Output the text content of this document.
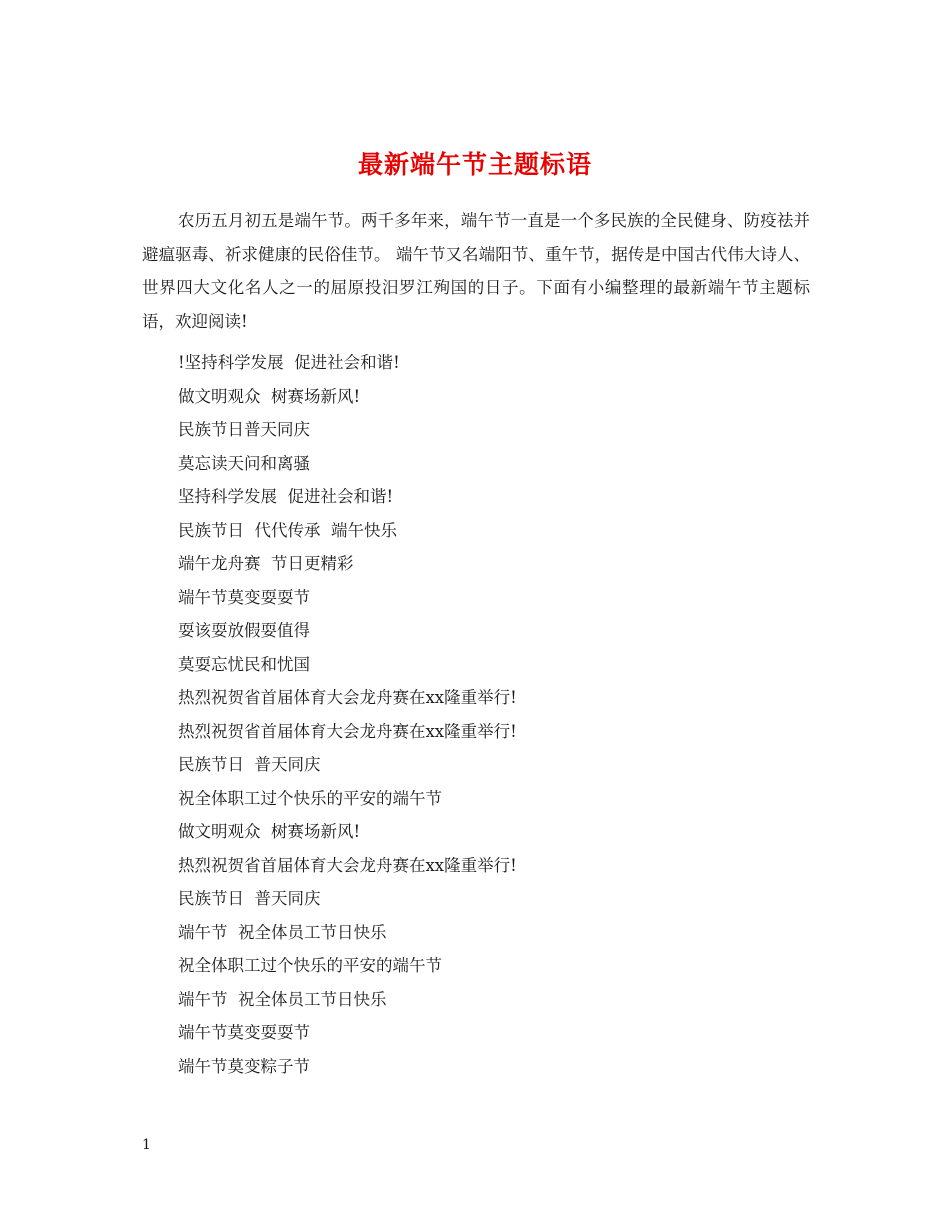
最新端午节主题标语

农历五月初五是端午节。两千多年来，端午节一直是一个多民族的全民健身、防疫祛并避瘟驱毒、祈求健康的民俗佳节。 端午节又名端阳节、重午节，据传是中国古代伟大诗人、世界四大文化名人之一的屈原投汨罗江殉国的日子。下面有小编整理的最新端午节主题标语，欢迎阅读!

!坚持科学发展  促进社会和谐!
做文明观众  树赛场新风!
民族节日普天同庆
莫忘读天问和离骚
坚持科学发展  促进社会和谐!
民族节日  代代传承  端午快乐
端午龙舟赛  节日更精彩
端午节莫变耍耍节
耍该耍放假耍值得
莫耍忘忧民和忧国
热烈祝贺省首届体育大会龙舟赛在xx隆重举行!
热烈祝贺省首届体育大会龙舟赛在xx隆重举行!
民族节日  普天同庆
祝全体职工过个快乐的平安的端午节
做文明观众  树赛场新风!
热烈祝贺省首届体育大会龙舟赛在xx隆重举行!
民族节日  普天同庆
端午节  祝全体员工节日快乐
祝全体职工过个快乐的平安的端午节
端午节  祝全体员工节日快乐
端午节莫变耍耍节
端午节莫变粽子节
1
